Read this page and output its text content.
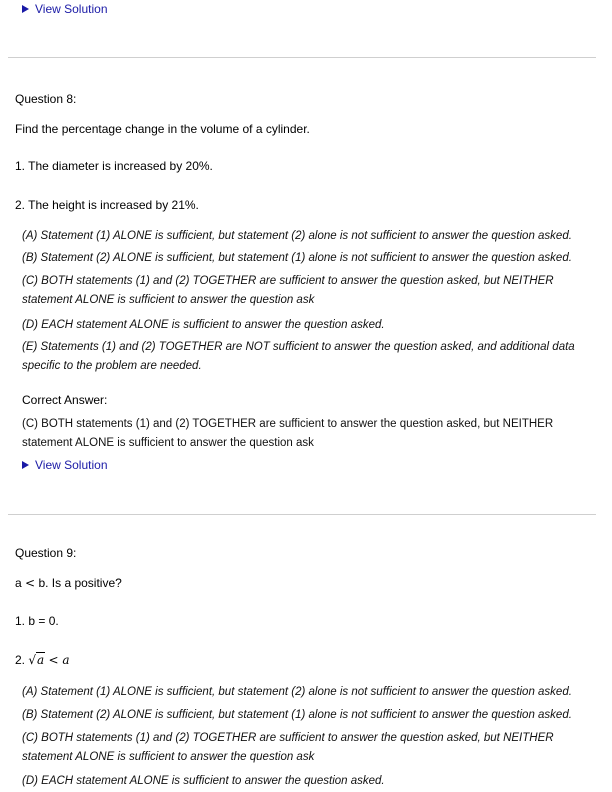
View Solution
Question 8:
Find the percentage change in the volume of a cylinder.
1. The diameter is increased by 20%.
2. The height is increased by 21%.
(A) Statement (1) ALONE is sufficient, but statement (2) alone is not sufficient to answer the question asked.
(B) Statement (2) ALONE is sufficient, but statement (1) alone is not sufficient to answer the question asked.
(C) BOTH statements (1) and (2) TOGETHER are sufficient to answer the question asked, but NEITHER statement ALONE is sufficient to answer the question ask
(D) EACH statement ALONE is sufficient to answer the question asked.
(E) Statements (1) and (2) TOGETHER are NOT sufficient to answer the question asked, and additional data specific to the problem are needed.
Correct Answer:
(C) BOTH statements (1) and (2) TOGETHER are sufficient to answer the question asked, but NEITHER statement ALONE is sufficient to answer the question ask
View Solution
Question 9:
a < b. Is a positive?
1. b = 0.
2. √a < a
(A) Statement (1) ALONE is sufficient, but statement (2) alone is not sufficient to answer the question asked.
(B) Statement (2) ALONE is sufficient, but statement (1) alone is not sufficient to answer the question asked.
(C) BOTH statements (1) and (2) TOGETHER are sufficient to answer the question asked, but NEITHER statement ALONE is sufficient to answer the question ask
(D) EACH statement ALONE is sufficient to answer the question asked.
